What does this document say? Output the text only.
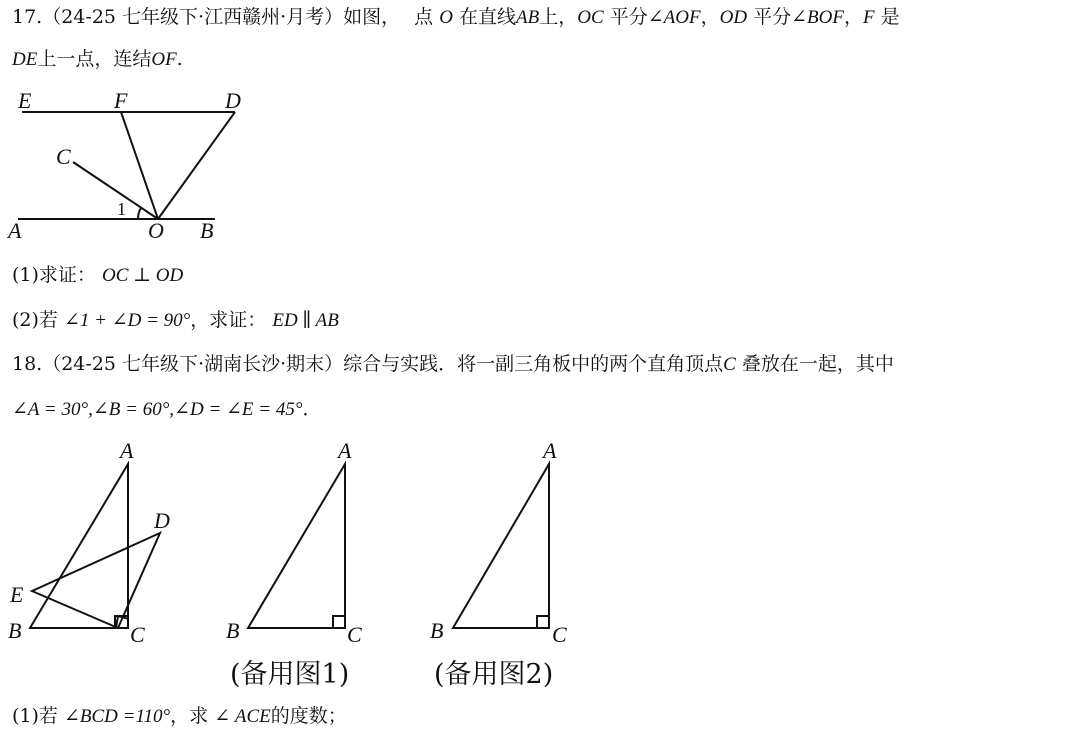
17.（24-25 七年级下·江西赣州·月考）如图， 点 O 在直线AB上，OC 平分∠AOF，OD 平分∠BOF，F 是
DE上一点，连结OF.
E	F	D
C
A	O B
1
(1)求证： OC ⊥ OD
(2)若 ∠1 + ∠D = 90°，求证： ED ∥ AB
18.（24-25 七年级下·湖南长沙·期末）综合与实践．将一副三角板中的两个直角顶点C 叠放在一起，其中
∠A = 30°,∠B = 60°,∠D = ∠E = 45°．
A
D
E
B	C
A
B	C
A
B	C
(备用图1)	(备用图2)
(1)若 ∠BCD =110°，求 ∠ ACE的度数；
